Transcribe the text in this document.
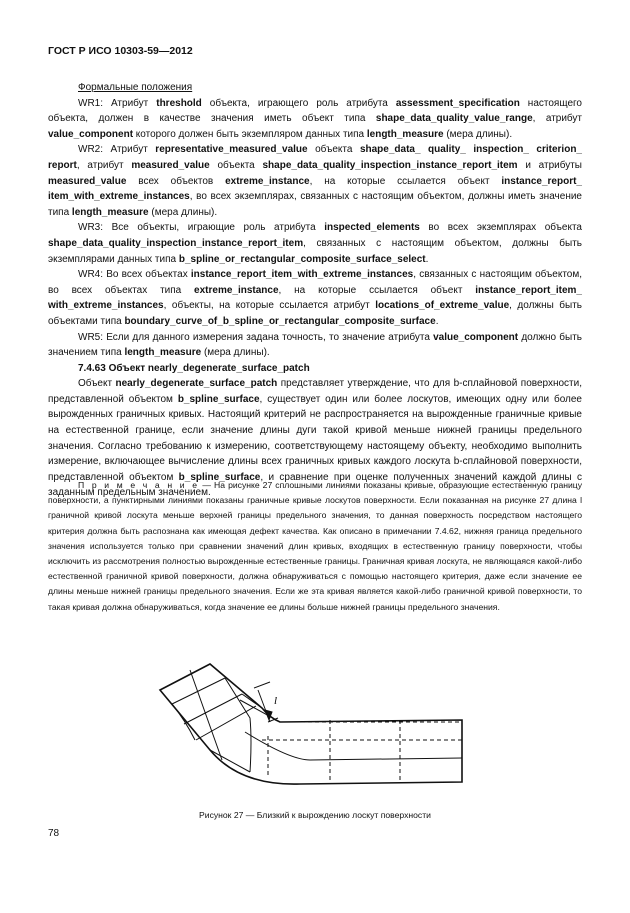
ГОСТ Р ИСО 10303-59—2012

Формальные положения

WR1: Атрибут threshold объекта, играющего роль атрибута assessment_specification настоящего объекта, должен в качестве значения иметь объект типа shape_data_quality_value_range, атрибут value_component которого должен быть экземпляром данных типа length_measure (мера длины).

WR2: Атрибут representative_measured_value объекта shape_data_ quality_ inspection_ criterion_ report, атрибут measured_value объекта shape_data_quality_inspection_instance_report_item и атрибуты measured_value всех объектов extreme_instance, на которые ссылается объект instance_report_ item_with_extreme_instances, во всех экземплярах, связанных с настоящим объектом, должны иметь значение типа length_measure (мера длины).

WR3: Все объекты, играющие роль атрибута inspected_elements во всех экземплярах объекта shape_data_quality_inspection_instance_report_item, связанных с настоящим объектом, должны быть экземплярами данных типа b_spline_or_rectangular_composite_surface_select.

WR4: Во всех объектах instance_report_item_with_extreme_instances, связанных с настоящим объектом, во всех объектах типа extreme_instance, на которые ссылается объект instance_report_item_ with_extreme_instances, объекты, на которые ссылается атрибут locations_of_extreme_value, должны быть объектами типа boundary_curve_of_b_spline_or_rectangular_composite_surface.

WR5: Если для данного измерения задана точность, то значение атрибута value_component должно быть значением типа length_measure (мера длины).

7.4.63 Объект nearly_degenerate_surface_patch

Объект nearly_degenerate_surface_patch представляет утверждение, что для b-сплайновой поверхности, представленной объектом b_spline_surface, существует один или более лоскутов, имеющих одну или более вырожденных граничных кривых. Настоящий критерий не распространяется на вырожденные граничные кривые на естественной границе, если значение длины дуги такой кривой меньше нижней границы предельного значения. Согласно требованию к измерению, соответствующему настоящему объекту, необходимо выполнить измерение, включающее вычисление длины всех граничных кривых каждого лоскута b-сплайновой поверхности, представленной объектом b_spline_surface, и сравнение при оценке полученных значений каждой длины с заданным предельным значением.

П р и м е ч а н и е — На рисунке 27 сплошными линиями показаны кривые, образующие естественную границу поверхности, а пунктирными линиями показаны граничные кривые лоскутов поверхности. Если показанная на рисунке 27 длина l граничной кривой лоскута меньше верхней границы предельного значения, то данная поверхность посредством настоящего критерия должна быть распознана как имеющая дефект качества. Как описано в примечании 7.4.62, нижняя граница предельного значения используется только при сравнении значений длин кривых, входящих в естественную границу поверхности, чтобы исключить из рассмотрения полностью вырожденные естественные границы. Граничная кривая лоскута, не являющаяся какой-либо естественной граничной кривой поверхности, должна обнаруживаться с помощью настоящего критерия, даже если значение ее длины меньше нижней границы предельного значения. Если же эта кривая является какой-либо граничной кривой поверхности, то такая кривая должна обнаруживаться, когда значение ее длины больше нижней границы предельного значения.

l
Рисунок 27 — Близкий к вырождению лоскут поверхности
78
